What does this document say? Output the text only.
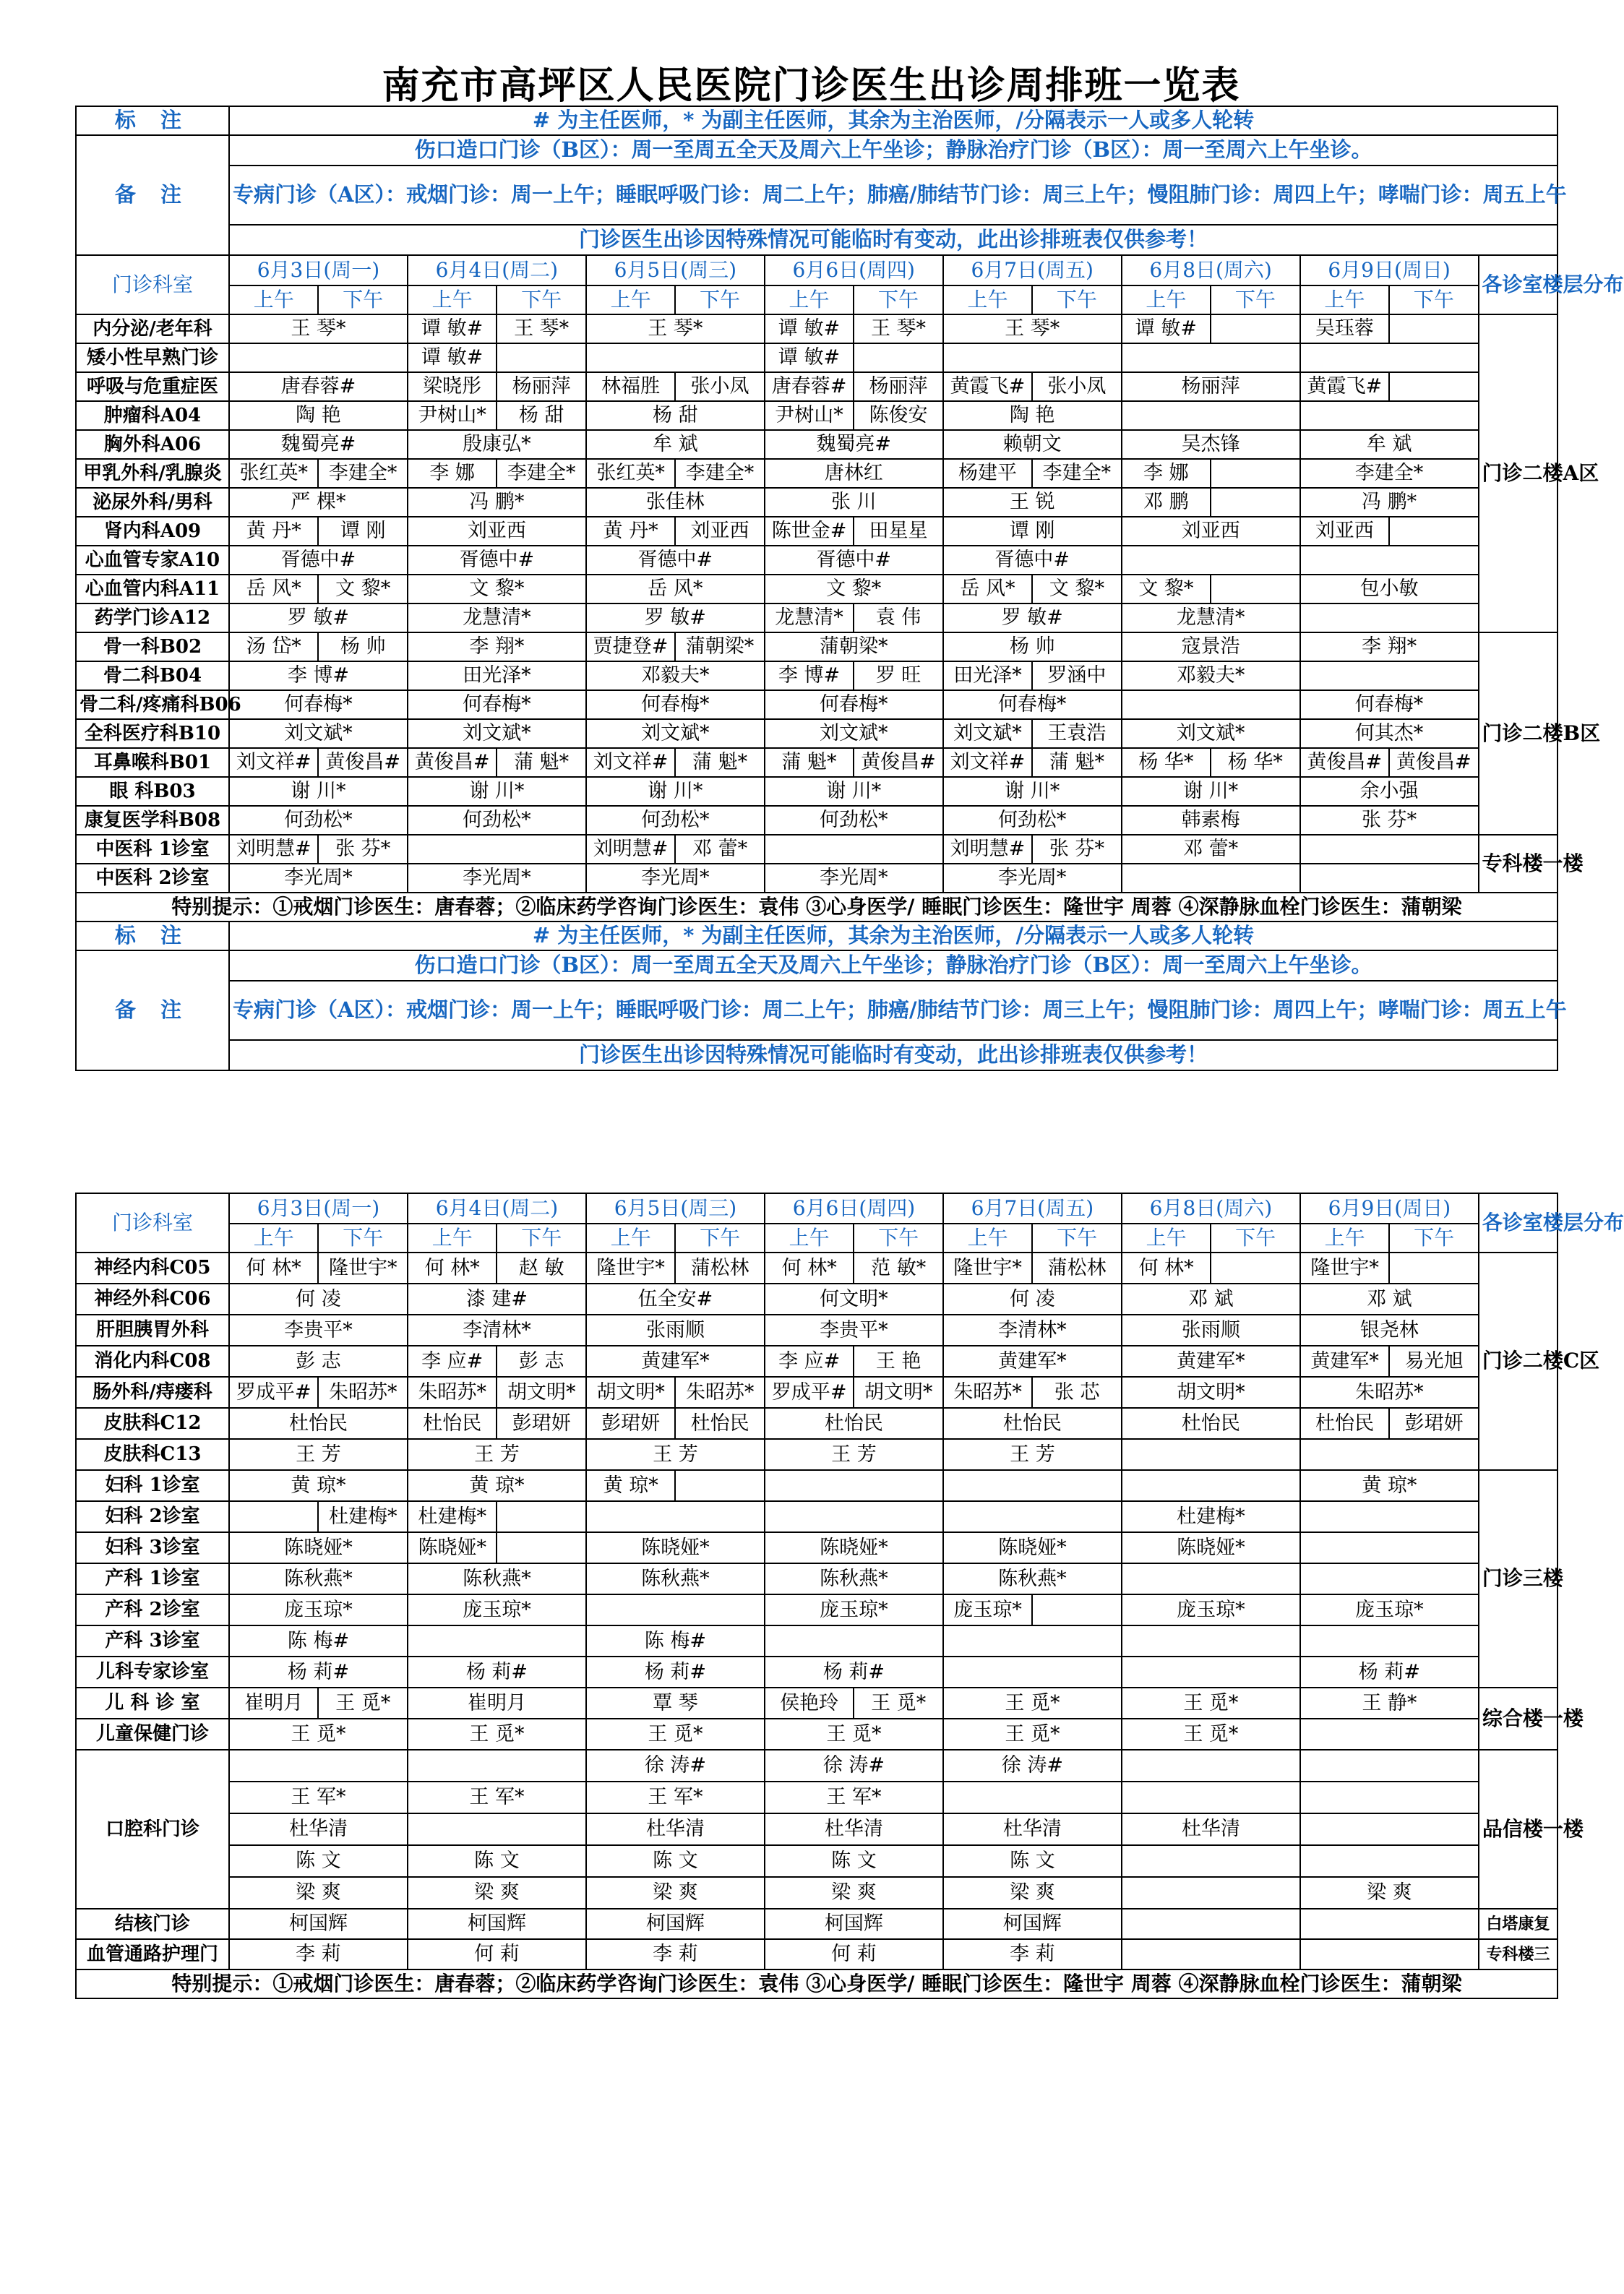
南充市高坪区人民医院门诊医生出诊周排班一览表
标 注	# 为主任医师，* 为副主任医师，其余为主治医师，/分隔表示一人或多人轮转														
备 注	伤口造口门诊（B区）：周一至周五全天及周六上午坐诊；静脉治疗门诊（B区）：周一至周六上午坐诊。														
	专病门诊（A区）：戒烟门诊：周一上午；睡眠呼吸门诊：周二上午；肺癌/肺结节门诊：周三上午；慢阻肺门诊：周四上午；哮喘门诊：周五上午														
	门诊医生出诊因特殊情况可能临时有变动，此出诊排班表仅供参考！														
门诊科室	6月3日(周一)		6月4日(周二)		6月5日(周三)		6月6日(周四)		6月7日(周五)		6月8日(周六)		6月9日(周日)		各诊室楼层分布
	上午	下午	上午	下午	上午	下午	上午	下午	上午	下午	上午	下午	上午	下午	
内分泌/老年科	王 琴*		谭 敏#	王 琴*	王 琴*		谭 敏#	王 琴*	王 琴*		谭 敏#		吴珏蓉		门诊二楼A区
矮小性早熟门诊			谭 敏#				谭 敏#								
呼吸与危重症医	唐春蓉#		梁晓彤	杨丽萍	林福胜	张小凤	唐春蓉#	杨丽萍	黄霞飞#	张小凤	杨丽萍		黄霞飞#		
肿瘤科A04	陶 艳		尹树山*	杨 甜	杨 甜		尹树山*	陈俊安	陶 艳						
胸外科A06	魏蜀亮#		殷康弘*		牟 斌		魏蜀亮#		赖朝文		吴杰锋		牟 斌		
甲乳外科/乳腺炎	张红英*	李建全*	李 娜	李建全*	张红英*	李建全*	唐林红		杨建平	李建全*	李 娜		李建全*		
泌尿外科/男科	严 棵*		冯 鹏*		张佳林		张 川		王 锐		邓 鹏		冯 鹏*		
肾内科A09	黄 丹*	谭 刚	刘亚西		黄 丹*	刘亚西	陈世金#	田星星	谭 刚		刘亚西		刘亚西		
心血管专家A10	胥德中#		胥德中#		胥德中#		胥德中#		胥德中#						
心血管内科A11	岳 风*	文 黎*	文 黎*		岳 风*		文 黎*		岳 风*	文 黎*	文 黎*		包小敏		
药学门诊A12	罗 敏#		龙慧清*		罗 敏#		龙慧清*	袁 伟	罗 敏#		龙慧清*				
骨一科B02	汤 岱*	杨 帅	李 翔*		贾捷登#	蒲朝梁*	蒲朝梁*		杨 帅		寇景浩		李 翔*		门诊二楼B区
骨二科B04	李 博#		田光泽*		邓毅夫*		李 博#	罗 旺	田光泽*	罗涵中	邓毅夫*				
骨二科/疼痛科B06	何春梅*		何春梅*		何春梅*		何春梅*		何春梅*				何春梅*		
全科医疗科B10	刘文斌*		刘文斌*		刘文斌*		刘文斌*		刘文斌*	王袁浩	刘文斌*		何其杰*		
耳鼻喉科B01	刘文祥#	黄俊昌#	黄俊昌#	蒲 魁*	刘文祥#	蒲 魁*	蒲 魁*	黄俊昌#	刘文祥#	蒲 魁*	杨 华*	杨 华*	黄俊昌#	黄俊昌#	
眼 科B03	谢 川*		谢 川*		谢 川*		谢 川*		谢 川*		谢 川*		余小强		
康复医学科B08	何劲松*		何劲松*		何劲松*		何劲松*		何劲松*		韩素梅		张 芬*		
中医科 1诊室	刘明慧#	张 芬*			刘明慧#	邓 蕾*			刘明慧#	张 芬*	邓 蕾*				专科楼一楼
中医科 2诊室	李光周*		李光周*		李光周*		李光周*		李光周*						
特别提示：①戒烟门诊医生：唐春蓉；②临床药学咨询门诊医生：袁伟 ③心身医学/ 睡眠门诊医生：隆世宇 周蓉 ④深静脉血栓门诊医生：蒲朝梁															
标 注	# 为主任医师，* 为副主任医师，其余为主治医师，/分隔表示一人或多人轮转														
备 注	伤口造口门诊（B区）：周一至周五全天及周六上午坐诊；静脉治疗门诊（B区）：周一至周六上午坐诊。														
	专病门诊（A区）：戒烟门诊：周一上午；睡眠呼吸门诊：周二上午；肺癌/肺结节门诊：周三上午；慢阻肺门诊：周四上午；哮喘门诊：周五上午														
	门诊医生出诊因特殊情况可能临时有变动，此出诊排班表仅供参考！														
门诊科室	6月3日(周一)		6月4日(周二)		6月5日(周三)		6月6日(周四)		6月7日(周五)		6月8日(周六)		6月9日(周日)		各诊室楼层分布
	上午	下午	上午	下午	上午	下午	上午	下午	上午	下午	上午	下午	上午	下午	
神经内科C05	何 林*	隆世宇*	何 林*	赵 敏	隆世宇*	蒲松林	何 林*	范 敏*	隆世宇*	蒲松林	何 林*		隆世宇*		门诊二楼C区
神经外科C06	何 凌		漆 建#		伍全安#		何文明*		何 凌		邓 斌		邓 斌		
肝胆胰胃外科	李贵平*		李清林*		张雨顺		李贵平*		李清林*		张雨顺		银尧林		
消化内科C08	彭 志		李 应#	彭 志	黄建军*		李 应#	王 艳	黄建军*		黄建军*		黄建军*	易光旭	
肠外科/痔瘘科	罗成平#	朱昭苏*	朱昭苏*	胡文明*	胡文明*	朱昭苏*	罗成平#	胡文明*	朱昭苏*	张 芯	胡文明*		朱昭苏*		
皮肤科C12	杜怡民		杜怡民	彭珺妍	彭珺妍	杜怡民	杜怡民		杜怡民		杜怡民		杜怡民	彭珺妍	
皮肤科C13	王 芳		王 芳		王 芳		王 芳		王 芳						
妇科 1诊室	黄 琼*		黄 琼*		黄 琼*								黄 琼*		门诊三楼
妇科 2诊室		杜建梅*	杜建梅*								杜建梅*				
妇科 3诊室	陈晓娅*		陈晓娅*		陈晓娅*		陈晓娅*		陈晓娅*		陈晓娅*				
产科 1诊室	陈秋燕*		陈秋燕*		陈秋燕*		陈秋燕*		陈秋燕*						
产科 2诊室	庞玉琼*		庞玉琼*				庞玉琼*		庞玉琼*		庞玉琼*		庞玉琼*		
产科 3诊室	陈 梅#				陈 梅#										
儿科专家诊室	杨 莉#		杨 莉#		杨 莉#		杨 莉#						杨 莉#		
儿 科 诊 室	崔明月	王 觅*	崔明月		覃 琴		侯艳玲	王 觅*	王 觅*		王 觅*		王 静*		综合楼一楼
儿童保健门诊	王 觅*		王 觅*		王 觅*		王 觅*		王 觅*		王 觅*				
口腔科门诊					徐 涛#		徐 涛#		徐 涛#						品信楼一楼
	王 军*		王 军*		王 军*		王 军*								
	杜华清				杜华清		杜华清		杜华清		杜华清				
	陈 文		陈 文		陈 文		陈 文		陈 文						
	梁 爽		梁 爽		梁 爽		梁 爽		梁 爽				梁 爽		
结核门诊	柯国辉		柯国辉		柯国辉		柯国辉		柯国辉						白塔康复
血管通路护理门	李 莉		何 莉		李 莉		何 莉		李 莉						专科楼三
特别提示：①戒烟门诊医生：唐春蓉；②临床药学咨询门诊医生：袁伟 ③心身医学/ 睡眠门诊医生：隆世宇 周蓉 ④深静脉血栓门诊医生：蒲朝梁															
